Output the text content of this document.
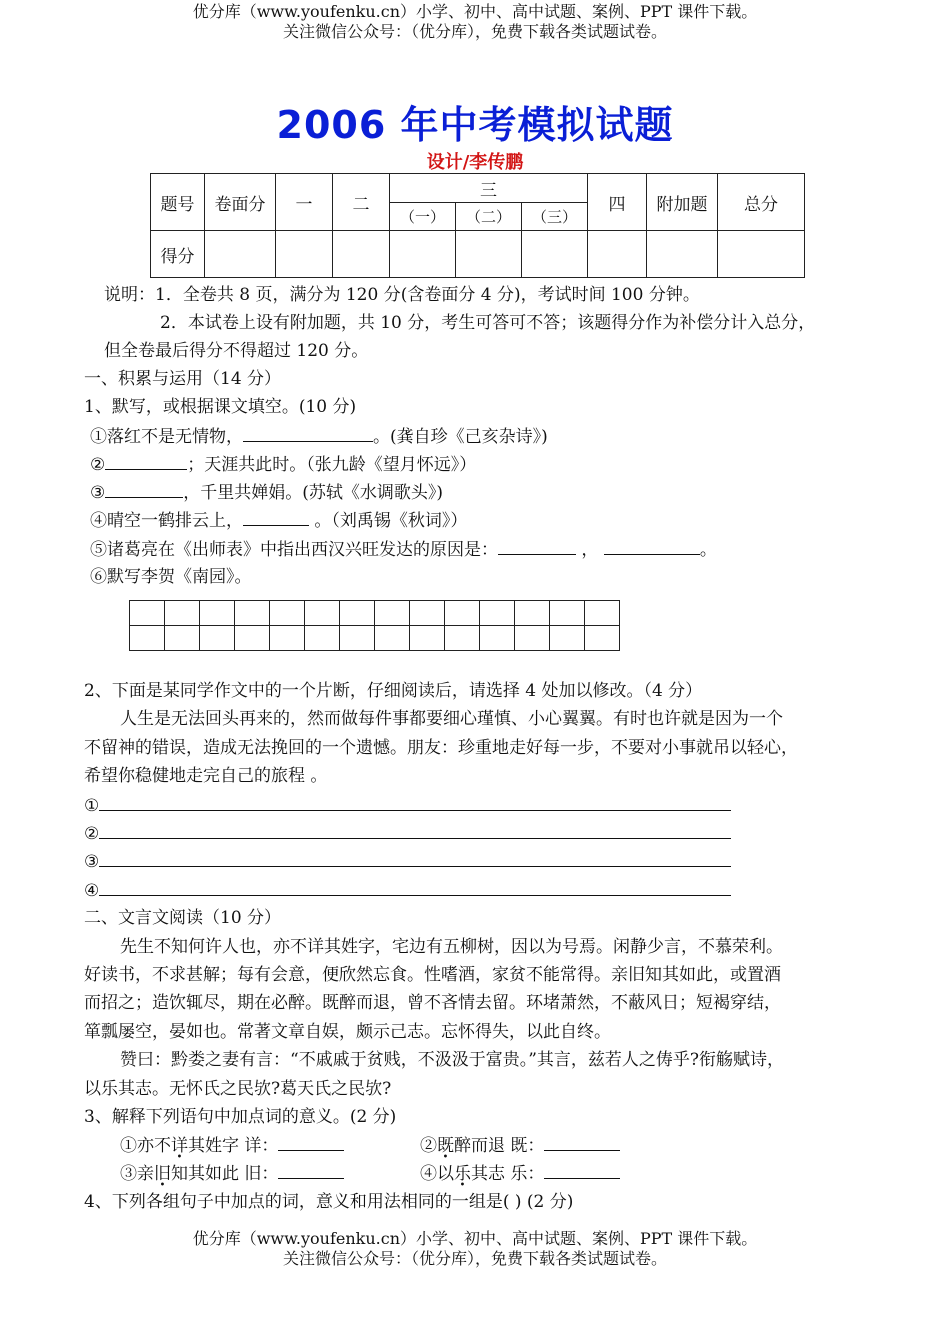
优分库（www.youfenku.cn）小学、初中、高中试题、案例、PPT 课件下载。
关注微信公众号：（优分库），免费下载各类试题试卷。
2006 年中考模拟试题
设计/李传鹏
题号	卷面分	一	二	三			四	附加题	总分
				（一）	（二）	（三）			
得分									
说明：1．全卷共 8 页，满分为 120 分(含卷面分 4 分)，考试时间 100 分钟。
2．本试卷上设有附加题，共 10 分，考生可答可不答；该题得分作为补偿分计入总分，
但全卷最后得分不得超过 120 分。
一、积累与运用（14 分）
1、默写，或根据课文填空。(10 分)
①落红不是无情物，	。(龚自珍《己亥杂诗》)
②	；天涯共此时。（张九龄《望月怀远》）
③	，千里共婵娟。(苏轼《水调歌头》)
④晴空一鹤排云上，	。（刘禹锡《秋词》）
⑤诸葛亮在《出师表》中指出西汉兴旺发达的原因是：	，	。
⑥默写李贺《南园》。

2、下面是某同学作文中的一个片断，仔细阅读后，请选择 4 处加以修改。（4 分）
人生是无法回头再来的，然而做每件事都要细心瑾慎、小心翼翼。有时也许就是因为一个
不留神的错误，造成无法挽回的一个遗憾。朋友：珍重地走好每一步，不要对小事就吊以轻心，
希望你稳健地走完自己的旅程 。
①
②
③
④
二、文言文阅读（10 分）
先生不知何许人也，亦不详其姓字，宅边有五柳树，因以为号焉。闲静少言，不慕荣利。
好读书，不求甚解；每有会意，便欣然忘食。性嗜酒，家贫不能常得。亲旧知其如此，或置酒
而招之；造饮辄尽，期在必醉。既醉而退，曾不吝情去留。环堵萧然，不蔽风日；短褐穿结，
箪瓢屡空，晏如也。常著文章自娱，颇示己志。忘怀得失，以此自终。
赞曰：黔娄之妻有言：“不戚戚于贫贱，不汲汲于富贵。”其言，兹若人之俦乎?衔觞赋诗，
以乐其志。无怀氏之民欤?葛天氏之民欤?
3、解释下列语句中加点词的意义。(2 分)
①亦不详其姓字 详：	②既醉而退 既：
③亲旧知其如此 旧：	④以乐其志 乐：
4、下列各组句子中加点的词，意义和用法相同的一组是( ) (2 分)
优分库（www.youfenku.cn）小学、初中、高中试题、案例、PPT 课件下载。
关注微信公众号：（优分库），免费下载各类试题试卷。
